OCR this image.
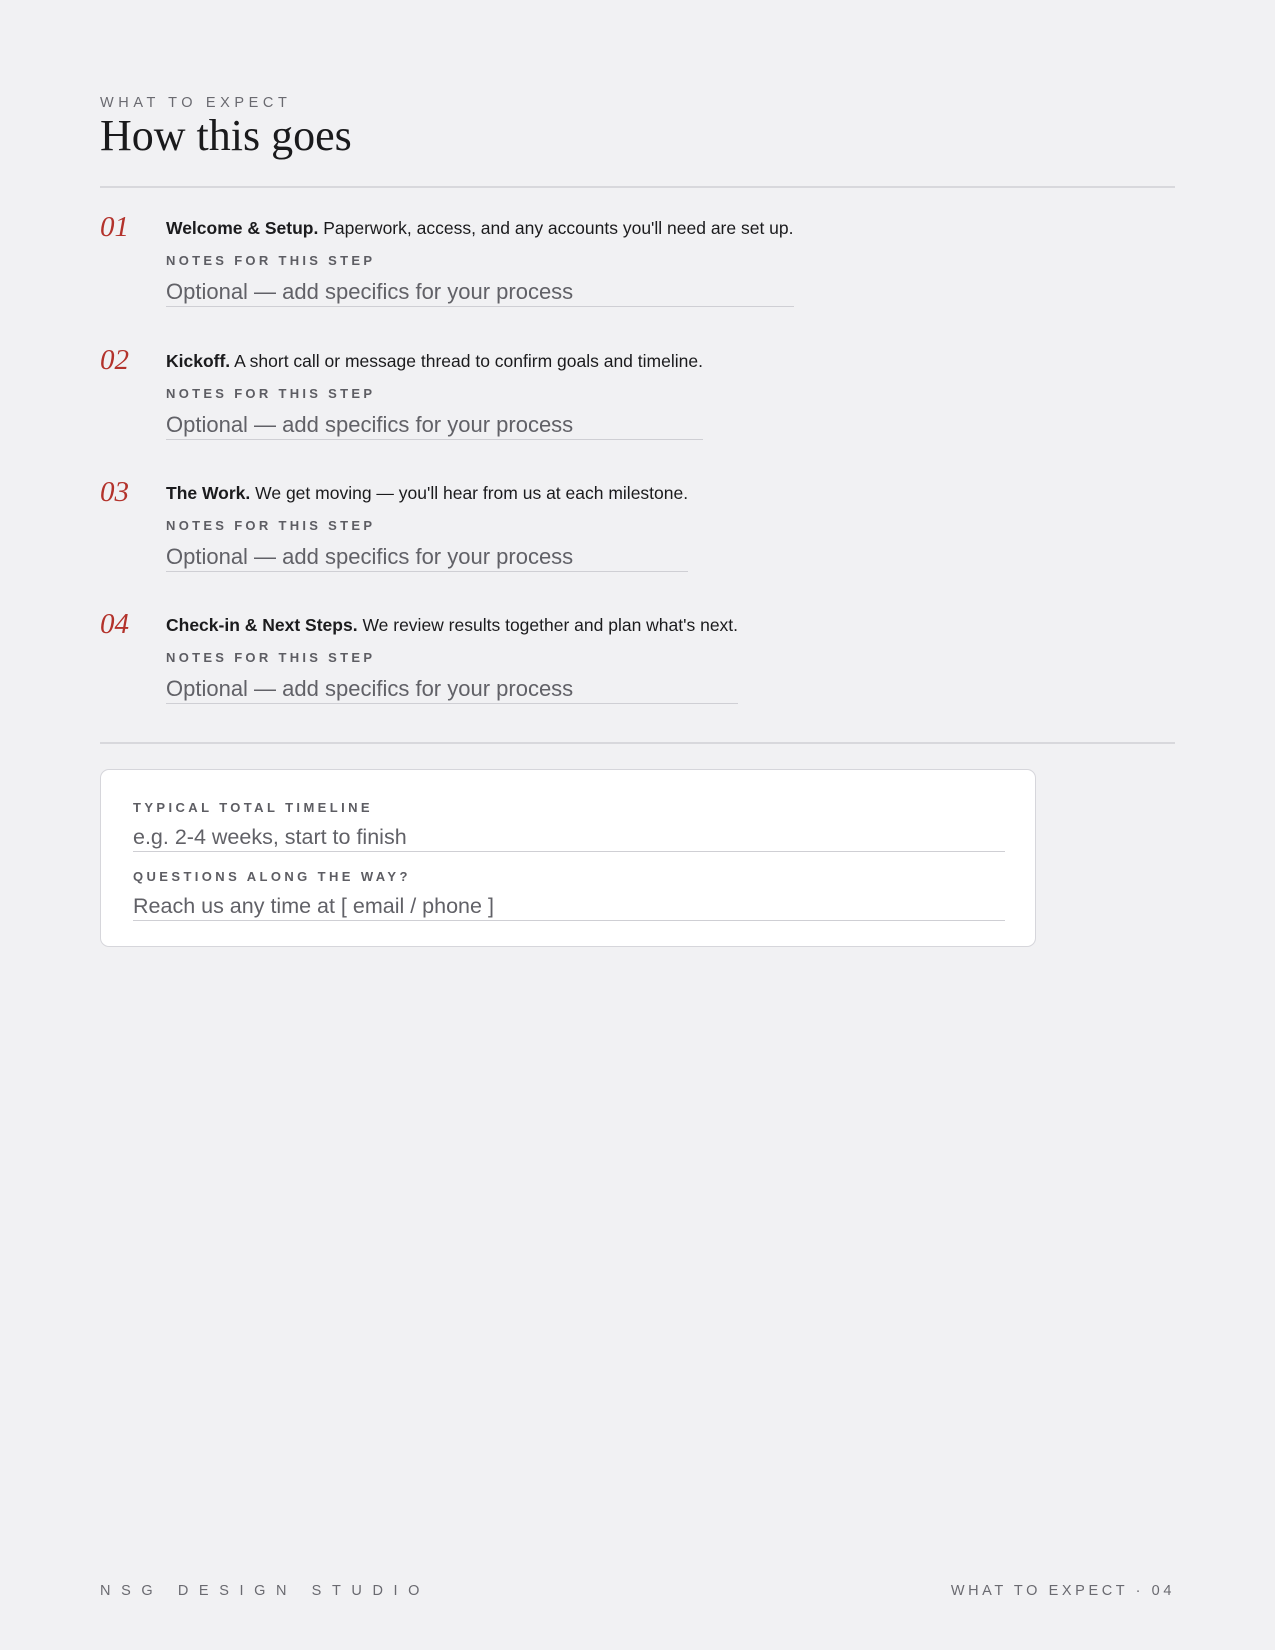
WHAT TO EXPECT
How this goes
01 Welcome & Setup. Paperwork, access, and any accounts you'll need are set up.
NOTES FOR THIS STEP
Optional — add specifics for your process
02 Kickoff. A short call or message thread to confirm goals and timeline.
NOTES FOR THIS STEP
Optional — add specifics for your process
03 The Work. We get moving — you'll hear from us at each milestone.
NOTES FOR THIS STEP
Optional — add specifics for your process
04 Check-in & Next Steps. We review results together and plan what's next.
NOTES FOR THIS STEP
Optional — add specifics for your process
TYPICAL TOTAL TIMELINE
e.g. 2-4 weeks, start to finish
QUESTIONS ALONG THE WAY?
Reach us any time at [ email / phone ]
NSG DESIGN STUDIO	WHAT TO EXPECT · 04
